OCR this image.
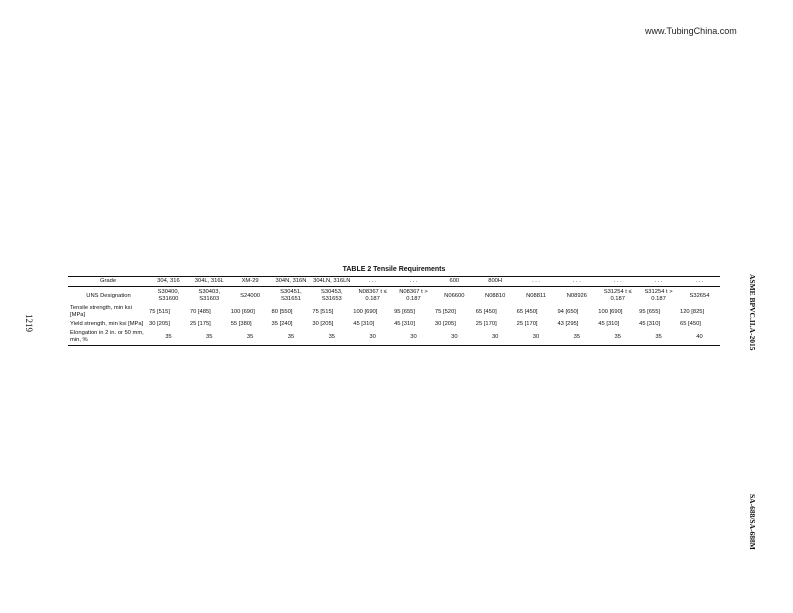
www.TubingChina.com
1219	ASME BPVC.II.A-2015
SA-688/SA-688M
TABLE 2 Tensile Requirements
Grade	304, 316	304L, 316L	XM-29	304N, 316N	304LN, 316LN	. . .	. . .	600	800H	. . .	. . .	. . .	. . .	. . .
UNS Designation	S30400, S31600	S30403, S31603	S24000	S30451, S31651	S30453, S31653	N08367 t ≤ 0.187	N08367 t > 0.187	N06600	N08810	N08811	N08926	S31254 t ≤ 0.187	S31254 t > 0.187	S32654
Tensile strength, min ksi [MPa]	75 [515]	70 [485]	100 [690]	80 [550]	75 [515]	100 [690]	95 [655]	75 [520]	65 [450]	65 [450]	94 [650]	100 [690]	95 [655]	120 [825]
Yield strength, min ksi [MPa]	30 [205]	25 [175]	55 [380]	35 [240]	30 [205]	45 [310]	45 [310]	30 [205]	25 [170]	25 [170]	43 [295]	45 [310]	45 [310]	65 [450]
Elongation in 2 in. or 50 mm, min, %	35	35	35	35	35	30	30	30	30	30	35	35	35	40
